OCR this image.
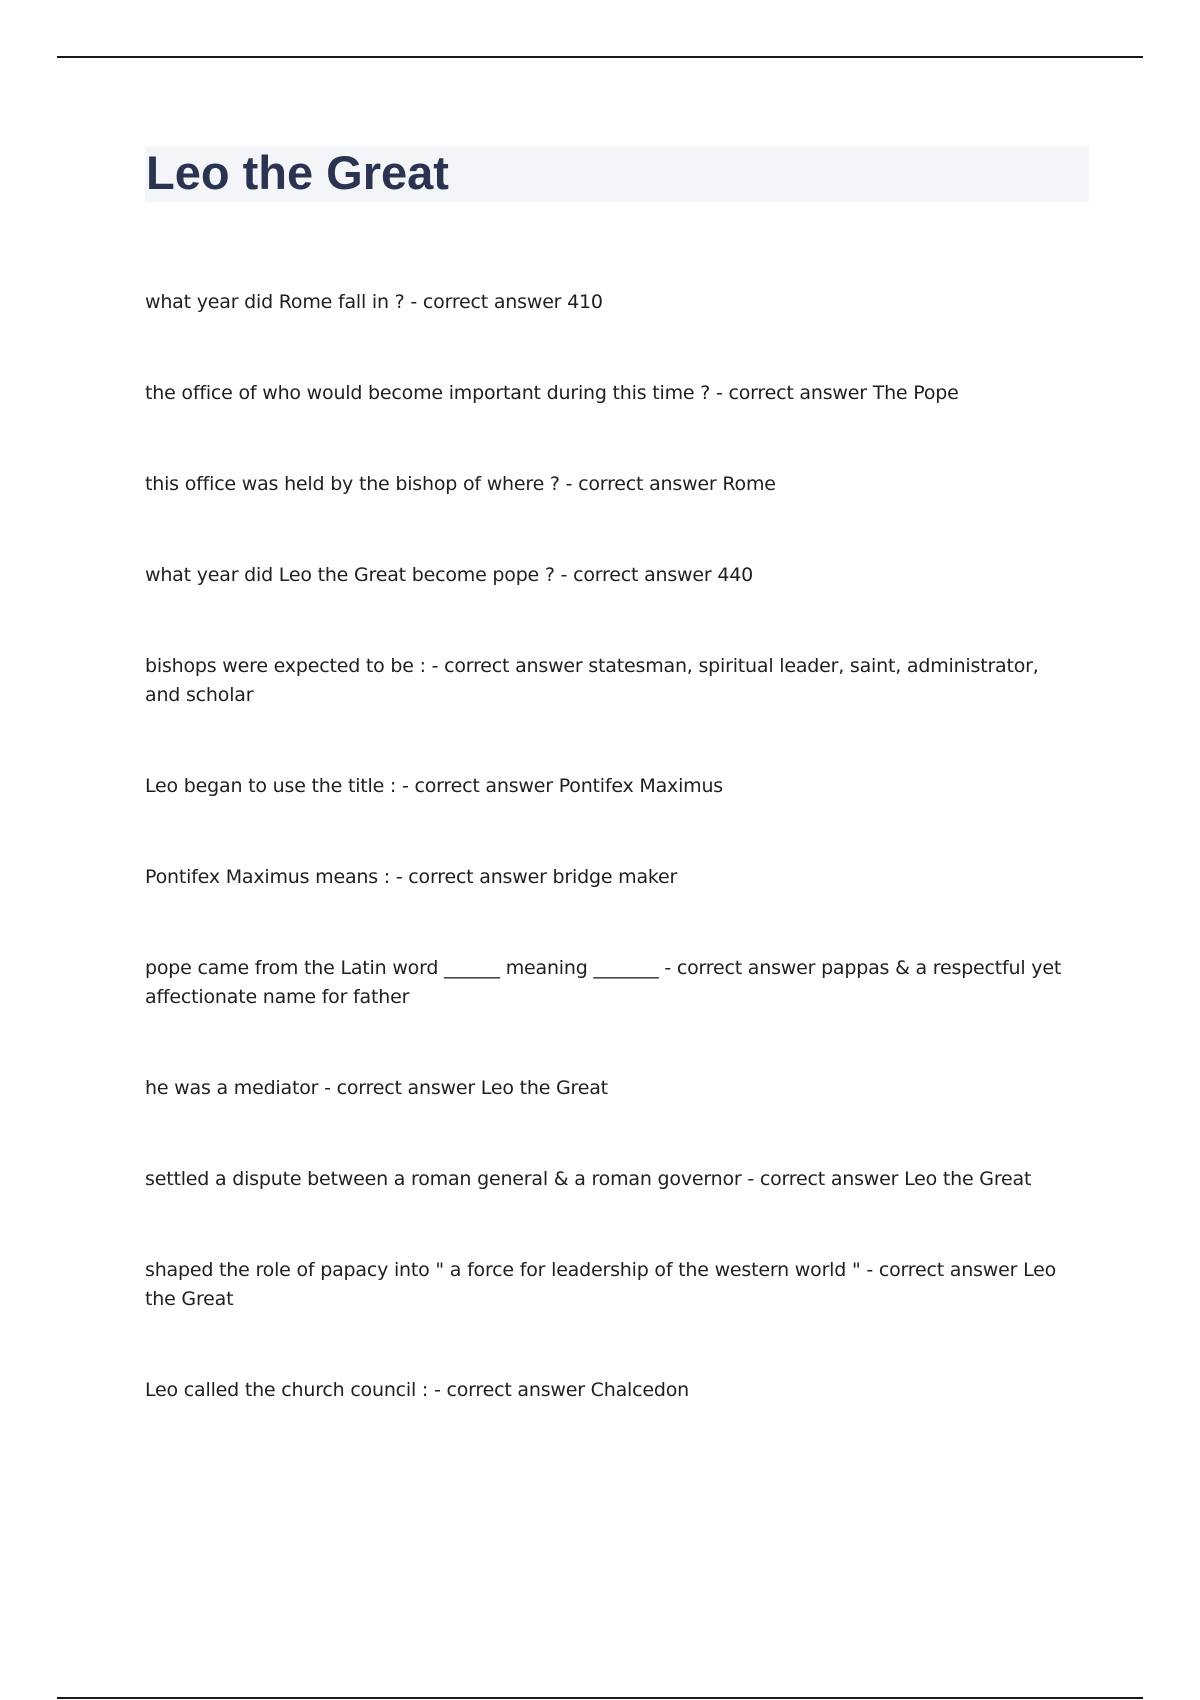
Leo the Great
what year did Rome fall in ? - correct answer 410
the office of who would become important during this time ? - correct answer The Pope
this office was held by the bishop of where ? - correct answer Rome
what year did Leo the Great become pope ? - correct answer 440
bishops were expected to be : - correct answer statesman, spiritual leader, saint, administrator, and scholar
Leo began to use the title : - correct answer Pontifex Maximus
Pontifex Maximus means : - correct answer bridge maker
pope came from the Latin word ______ meaning _______ - correct answer pappas & a respectful yet affectionate name for father
he was a mediator - correct answer Leo the Great
settled a dispute between a roman general & a roman governor - correct answer Leo the Great
shaped the role of papacy into " a force for leadership of the western world " - correct answer Leo the Great
Leo called the church council : - correct answer Chalcedon
